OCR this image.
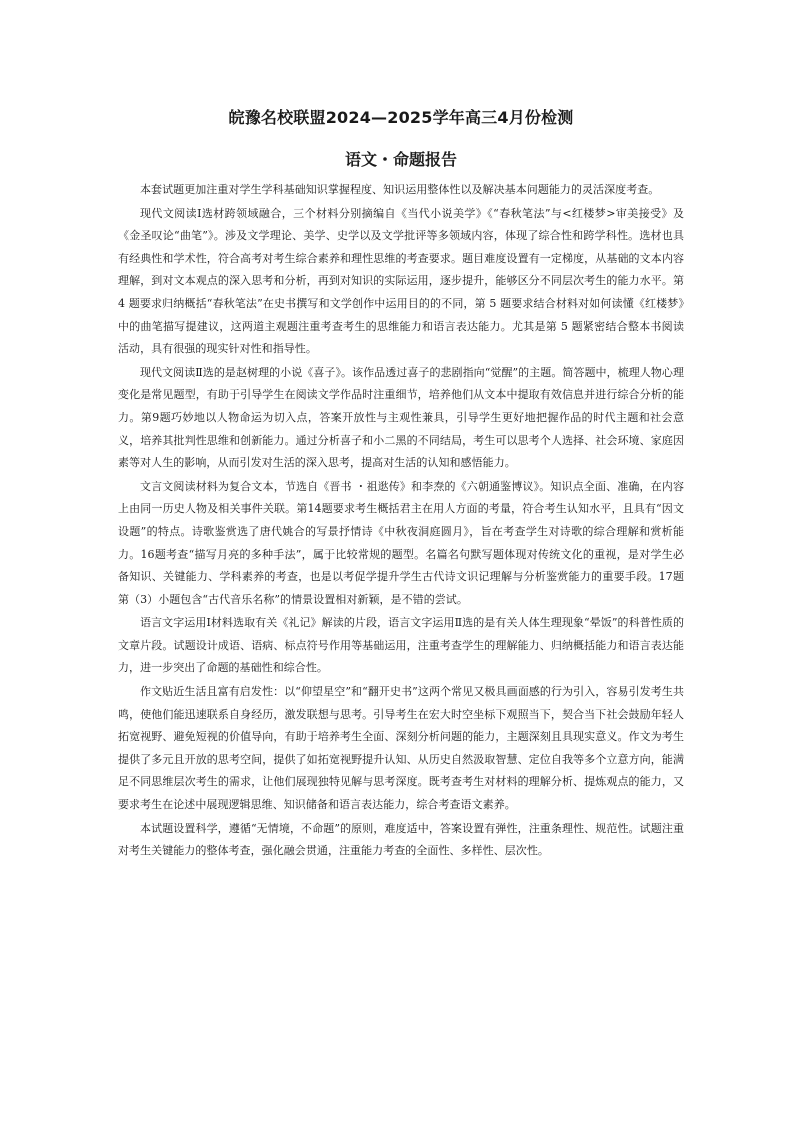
皖豫名校联盟2024—2025学年高三4月份检测
语文・命题报告

本套试题更加注重对学生学科基础知识掌握程度、知识运用整体性以及解决基本问题能力的灵活深度考查。

现代文阅读Ⅰ选材跨领域融合，三个材料分别摘编自《当代小说美学》《“春秋笔法”与<红楼梦>审美接受》及《金圣叹论“曲笔”》。涉及文学理论、美学、史学以及文学批评等多领域内容，体现了综合性和跨学科性。选材也具有经典性和学术性，符合高考对考生综合素养和理性思维的考查要求。题目难度设置有一定梯度，从基础的文本内容理解，到对文本观点的深入思考和分析，再到对知识的实际运用，逐步提升，能够区分不同层次考生的能力水平。第 4 题要求归纳概括“春秋笔法”在史书撰写和文学创作中运用目的的不同，第 5 题要求结合材料对如何读懂《红楼梦》中的曲笔描写提建议，这两道主观题注重考查考生的思维能力和语言表达能力。尤其是第 5 题紧密结合整本书阅读活动，具有很强的现实针对性和指导性。

现代文阅读Ⅱ选的是赵树理的小说《喜子》。该作品透过喜子的悲剧指向“觉醒”的主题。简答题中，梳理人物心理变化是常见题型，有助于引导学生在阅读文学作品时注重细节，培养他们从文本中提取有效信息并进行综合分析的能力。第9题巧妙地以人物命运为切入点，答案开放性与主观性兼具，引导学生更好地把握作品的时代主题和社会意义，培养其批判性思维和创新能力。通过分析喜子和小二黑的不同结局，考生可以思考个人选择、社会环境、家庭因素等对人生的影响，从而引发对生活的深入思考，提高对生活的认知和感悟能力。

文言文阅读材料为复合文本，节选自《晋书 ・祖逖传》和李焘的《六朝通鉴博议》。知识点全面、准确，在内容上由同一历史人物及相关事件关联。第14题要求考生概括君主在用人方面的考量，符合考生认知水平，且具有“因文设题”的特点。诗歌鉴赏选了唐代姚合的写景抒情诗《中秋夜洞庭圆月》，旨在考查学生对诗歌的综合理解和赏析能力。16题考查“描写月亮的多种手法”，属于比较常规的题型。名篇名句默写题体现对传统文化的重视，是对学生必备知识、关键能力、学科素养的考查，也是以考促学提升学生古代诗文识记理解与分析鉴赏能力的重要手段。17题第（3）小题包含“古代音乐名称”的情景设置相对新颖，是不错的尝试。

语言文字运用Ⅰ材料选取有关《礼记》解读的片段，语言文字运用Ⅱ选的是有关人体生理现象“晕饭”的科普性质的文章片段。试题设计成语、语病、标点符号作用等基础运用，注重考查学生的理解能力、归纳概括能力和语言表达能力，进一步突出了命题的基础性和综合性。

作文贴近生活且富有启发性：以“仰望星空”和“翻开史书”这两个常见又极具画面感的行为引入，容易引发考生共鸣，使他们能迅速联系自身经历，激发联想与思考。引导考生在宏大时空坐标下观照当下，契合当下社会鼓励年轻人拓宽视野、避免短视的价值导向，有助于培养考生全面、深刻分析问题的能力，主题深刻且具现实意义。作文为考生提供了多元且开放的思考空间，提供了如拓宽视野提升认知、从历史自然汲取智慧、定位自我等多个立意方向，能满足不同思维层次考生的需求，让他们展现独特见解与思考深度。既考查考生对材料的理解分析、提炼观点的能力，又要求考生在论述中展现逻辑思维、知识储备和语言表达能力，综合考查语文素养。

本试题设置科学，遵循“无情境，不命题”的原则，难度适中，答案设置有弹性，注重条理性、规范性。试题注重对考生关键能力的整体考查，强化融会贯通，注重能力考查的全面性、多样性、层次性。
